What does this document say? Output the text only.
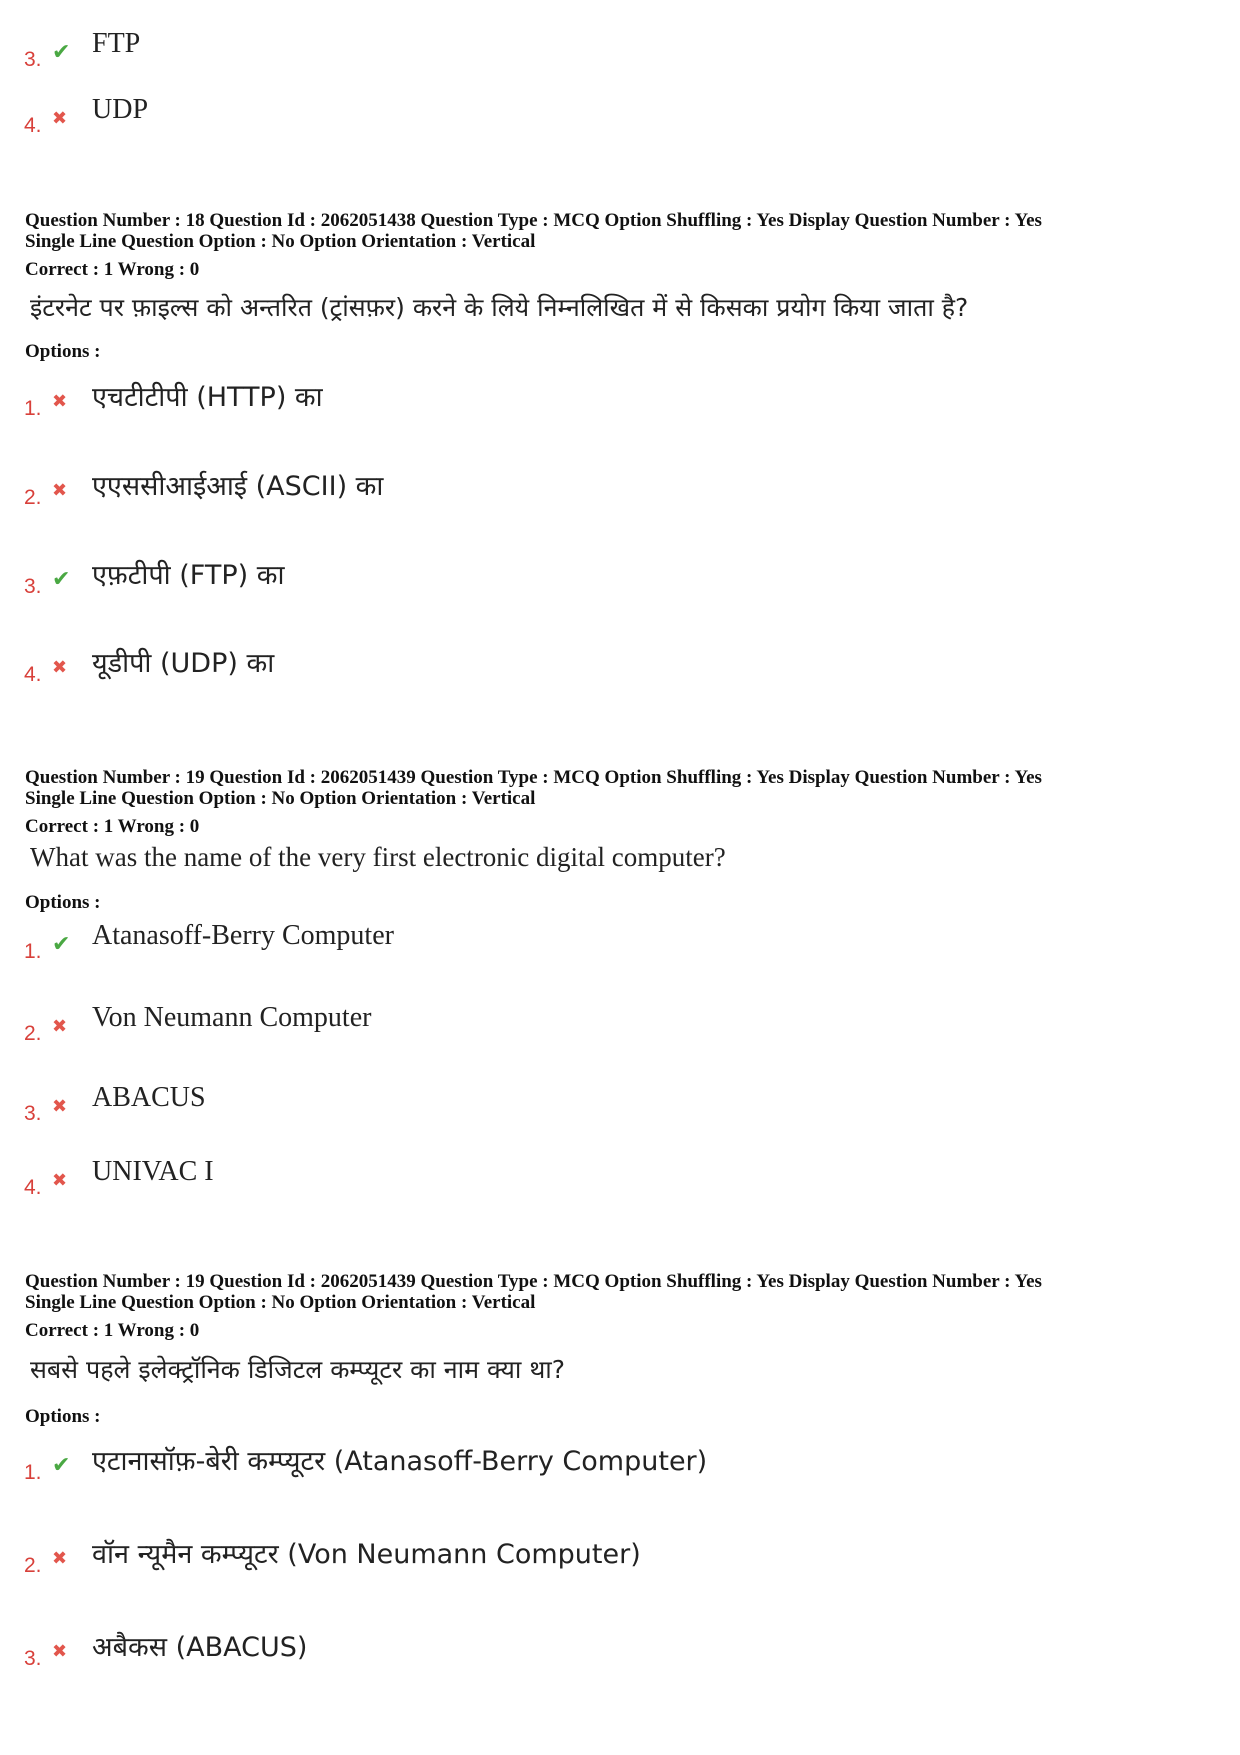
3. ✔ FTP
4. ✖ UDP
Question Number : 18 Question Id : 2062051438 Question Type : MCQ Option Shuffling : Yes Display Question Number : Yes
Single Line Question Option : No Option Orientation : Vertical
Correct : 1 Wrong : 0
इंटरनेट पर फ़ाइल्स को अन्तरित (ट्रांसफ़र) करने के लिये निम्नलिखित में से किसका प्रयोग किया जाता है?
Options :
1. ✖ एचटीटीपी (HTTP) का
2. ✖ एएससीआईआई (ASCII) का
3. ✔ एफ़टीपी (FTP) का
4. ✖ यूडीपी (UDP) का
Question Number : 19 Question Id : 2062051439 Question Type : MCQ Option Shuffling : Yes Display Question Number : Yes
Single Line Question Option : No Option Orientation : Vertical
Correct : 1 Wrong : 0
What was the name of the very first electronic digital computer?
Options :
1. ✔ Atanasoff-Berry Computer
2. ✖ Von Neumann Computer
3. ✖ ABACUS
4. ✖ UNIVAC I
Question Number : 19 Question Id : 2062051439 Question Type : MCQ Option Shuffling : Yes Display Question Number : Yes
Single Line Question Option : No Option Orientation : Vertical
Correct : 1 Wrong : 0
सबसे पहले इलेक्ट्रॉनिक डिजिटल कम्प्यूटर का नाम क्या था?
Options :
1. ✔ एटानासॉफ़-बेरी कम्प्यूटर (Atanasoff-Berry Computer)
2. ✖ वॉन न्यूमैन कम्प्यूटर (Von Neumann Computer)
3. ✖ अबैकस (ABACUS)
